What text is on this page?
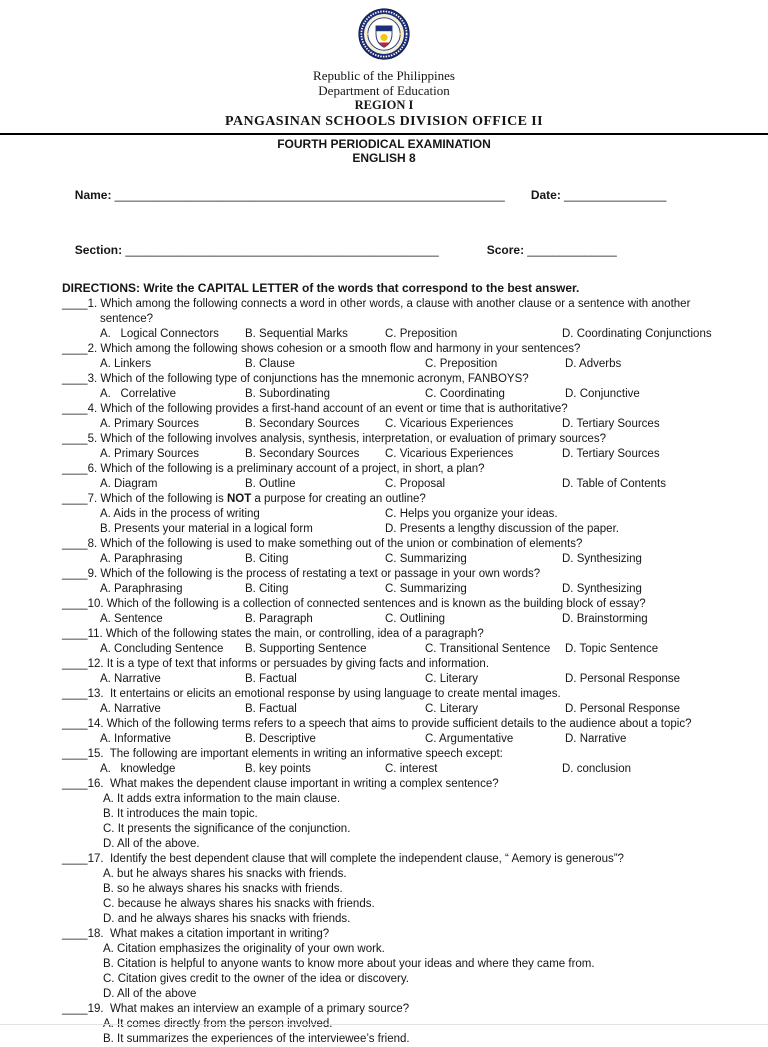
Republic of the Philippines
Department of Education
REGION I
PANGASINAN SCHOOLS DIVISION OFFICE II
FOURTH PERIODICAL EXAMINATION
ENGLISH 8

Name: _____________________________________________________________ Date: ________________

Section: _________________________________________________	Score: ______________

DIRECTIONS: Write the CAPITAL LETTER of the words that correspond to the best answer.
____1. Which among the following connects a word in other words, a clause with another clause or a sentence with another sentence?
A.   Logical Connectors	B. Sequential Marks	C. Preposition	D. Coordinating Conjunctions
____2. Which among the following shows cohesion or a smooth flow and harmony in your sentences?
A. Linkers	B. Clause	C. Preposition	D. Adverbs
____3. Which of the following type of conjunctions has the mnemonic acronym, FANBOYS?
A.   Correlative	B. Subordinating	C. Coordinating	D. Conjunctive
____4. Which of the following provides a first-hand account of an event or time that is authoritative?
A. Primary Sources	B. Secondary Sources	C. Vicarious Experiences	D. Tertiary Sources
____5. Which of the following involves analysis, synthesis, interpretation, or evaluation of primary sources?
A. Primary Sources	B. Secondary Sources	C. Vicarious Experiences	D. Tertiary Sources
____6. Which of the following is a preliminary account of a project, in short, a plan?
A. Diagram	B. Outline	C. Proposal	D. Table of Contents
____7. Which of the following is NOT a purpose for creating an outline?
A. Aids in the process of writing	C. Helps you organize your ideas.
B. Presents your material in a logical form	D. Presents a lengthy discussion of the paper.
____8. Which of the following is used to make something out of the union or combination of elements?
A. Paraphrasing	B. Citing	C. Summarizing	D. Synthesizing
____9. Which of the following is the process of restating a text or passage in your own words?
A. Paraphrasing	B. Citing	C. Summarizing	D. Synthesizing
____10. Which of the following is a collection of connected sentences and is known as the building block of essay?
A. Sentence	B. Paragraph	C. Outlining	D. Brainstorming
____11. Which of the following states the main, or controlling, idea of a paragraph?
A. Concluding Sentence	B. Supporting Sentence	C. Transitional Sentence	D. Topic Sentence
____12. It is a type of text that informs or persuades by giving facts and information.
A. Narrative	B. Factual	C. Literary	D. Personal Response
____13.  It entertains or elicits an emotional response by using language to create mental images.
A. Narrative	B. Factual	C. Literary	D. Personal Response
____14. Which of the following terms refers to a speech that aims to provide sufficient details to the audience about a topic?
A. Informative	B. Descriptive	C. Argumentative	D. Narrative
____15.  The following are important elements in writing an informative speech except:
A.   knowledge	B. key points	C. interest	D. conclusion
____16.  What makes the dependent clause important in writing a complex sentence?
A. It adds extra information to the main clause.
B. It introduces the main topic.
C. It presents the significance of the conjunction.
D. All of the above.
____17.  Identify the best dependent clause that will complete the independent clause, “ Aemory is generous”?
A. but he always shares his snacks with friends.
B. so he always shares his snacks with friends.
C. because he always shares his snacks with friends.
D. and he always shares his snacks with friends.
____18.  What makes a citation important in writing?
A. Citation emphasizes the originality of your own work.
B. Citation is helpful to anyone wants to know more about your ideas and where they came from.
C. Citation gives credit to the owner of the idea or discovery.
D. All of the above
____19.  What makes an interview an example of a primary source?
A. It comes directly from the person involved.
B. It summarizes the experiences of the interviewee’s friend.
